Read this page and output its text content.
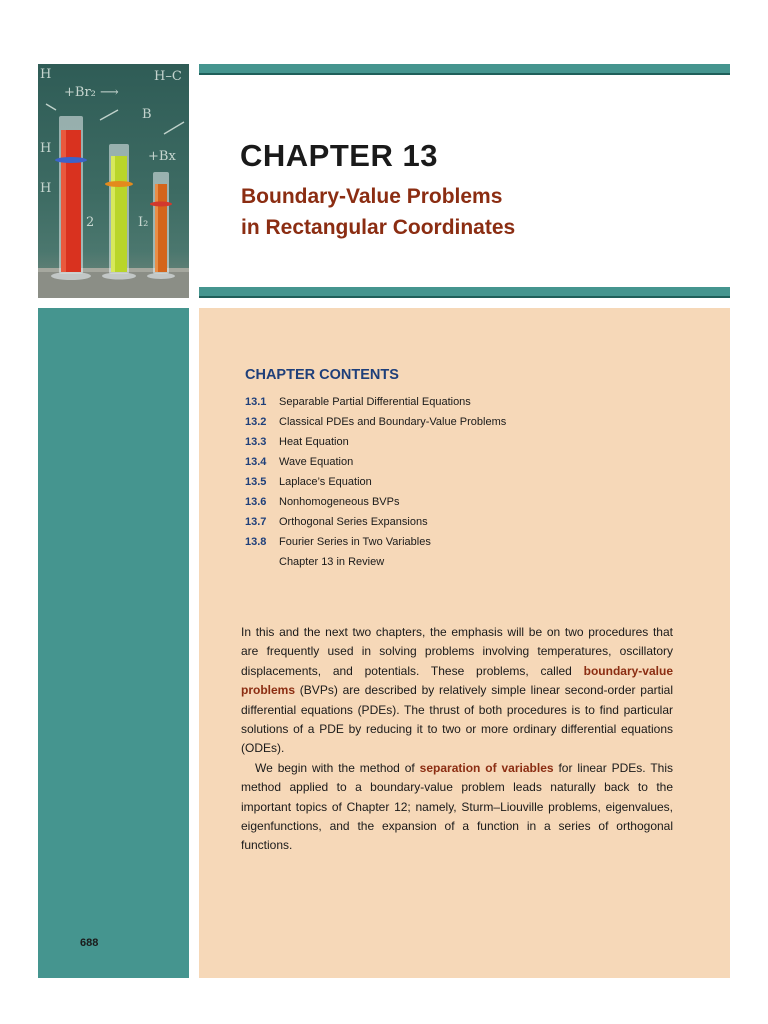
+Br₂ ⟶
H–C
B
H
I₂
+Bx
H
H
2
CHAPTER 13
Boundary-Value Problems
in Rectangular Coordinates
CHAPTER CONTENTS
13.1 Separable Partial Differential Equations
13.2 Classical PDEs and Boundary-Value Problems
13.3 Heat Equation
13.4 Wave Equation
13.5 Laplace’s Equation
13.6 Nonhomogeneous BVPs
13.7 Orthogonal Series Expansions
13.8 Fourier Series in Two Variables
Chapter 13 in Review

In this and the next two chapters, the emphasis will be on two procedures that are frequently used in solving problems involving temperatures, oscillatory displacements, and potentials. These problems, called boundary-value problems (BVPs) are described by relatively simple linear second-order partial differential equations (PDEs). The thrust of both procedures is to find particular solutions of a PDE by reducing it to two or more ordinary differential equations (ODEs).

We begin with the method of separation of variables for linear PDEs. This method applied to a boundary-value problem leads naturally back to the important topics of Chapter 12; namely, Sturm–Liouville problems, eigenvalues, eigenfunctions, and the expansion of a function in a series of orthogonal functions.

688
